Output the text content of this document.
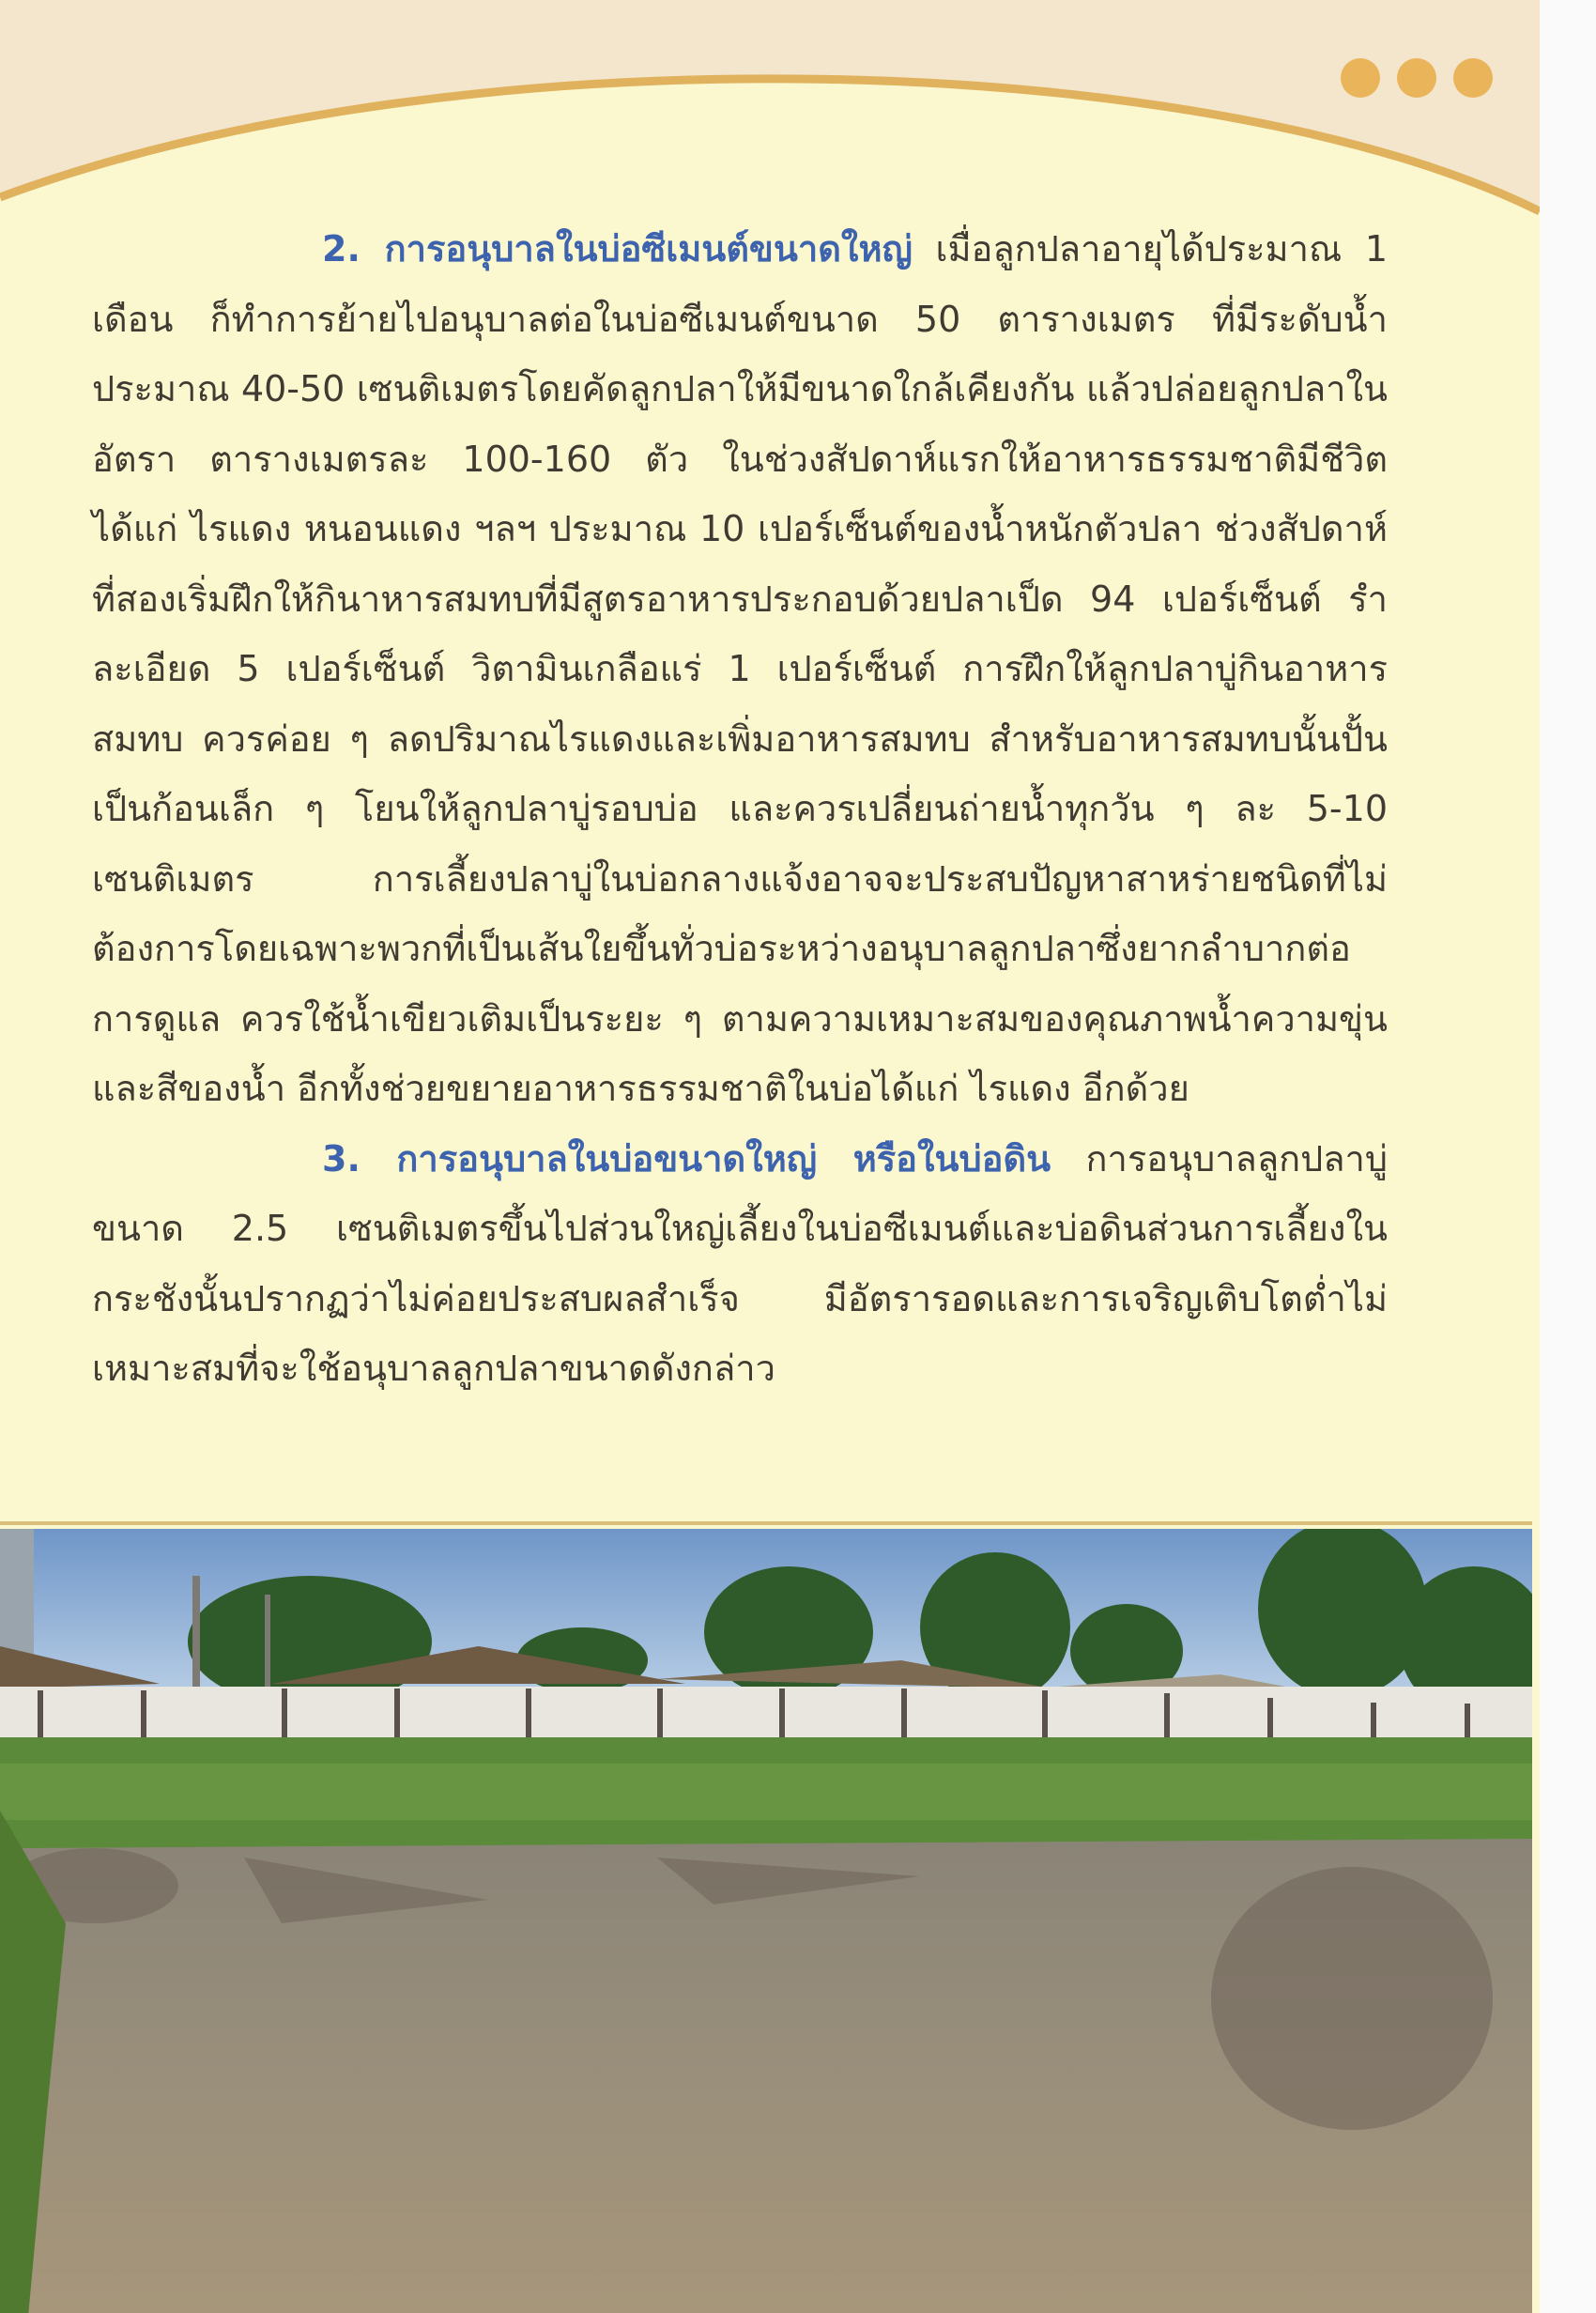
2. การอนุบาลในบ่อซีเมนต์ขนาดใหญ่ เมื่อลูกปลาอายุได้ประมาณ 1 เดือน ก็ทำการย้ายไปอนุบาลต่อในบ่อซีเมนต์ขนาด 50 ตารางเมตร ที่มีระดับน้ำประมาณ 40-50 เซนติเมตรโดยคัดลูกปลาให้มีขนาดใกล้เคียงกัน แล้วปล่อยลูกปลาในอัตรา ตารางเมตรละ 100-160 ตัว ในช่วงสัปดาห์แรกให้อาหารธรรมชาติมีชีวิต ได้แก่ ไรแดง หนอนแดง ฯลฯ ประมาณ 10 เปอร์เซ็นต์ของน้ำหนักตัวปลา ช่วงสัปดาห์ที่สองเริ่มฝึกให้กินาหารสมทบที่มีสูตรอาหารประกอบด้วยปลาเป็ด 94 เปอร์เซ็นต์ รำละเอียด 5 เปอร์เซ็นต์ วิตามินเกลือแร่ 1 เปอร์เซ็นต์ การฝึกให้ลูกปลาบู่กินอาหารสมทบ ควรค่อย ๆ ลดปริมาณไรแดงและเพิ่มอาหารสมทบ สำหรับอาหารสมทบนั้นปั้นเป็นก้อนเล็ก ๆ โยนให้ลูกปลาบู่รอบบ่อ และควรเปลี่ยนถ่ายน้ำทุกวัน ๆ ละ 5-10 เซนติเมตร การเลี้ยงปลาบู่ในบ่อกลางแจ้งอาจจะประสบปัญหาสาหร่ายชนิดที่ไม่ต้องการโดยเฉพาะพวกที่เป็นเส้นใยขึ้นทั่วบ่อระหว่างอนุบาลลูกปลาซึ่งยากลำบากต่อการดูแล ควรใช้น้ำเขียวเติมเป็นระยะ ๆ ตามความเหมาะสมของคุณภาพน้ำความขุ่นและสีของน้ำ อีกทั้งช่วยขยายอาหารธรรมชาติในบ่อได้แก่ ไรแดง อีกด้วย

3. การอนุบาลในบ่อขนาดใหญ่ หรือในบ่อดิน การอนุบาลลูกปลาบู่ขนาด 2.5 เซนติเมตรขึ้นไปส่วนใหญ่เลี้ยงในบ่อซีเมนต์และบ่อดินส่วนการเลี้ยงในกระชังนั้นปรากฏว่าไม่ค่อยประสบผลสำเร็จ มีอัตรารอดและการเจริญเติบโตต่ำไม่เหมาะสมที่จะใช้อนุบาลลูกปลาขนาดดังกล่าว
